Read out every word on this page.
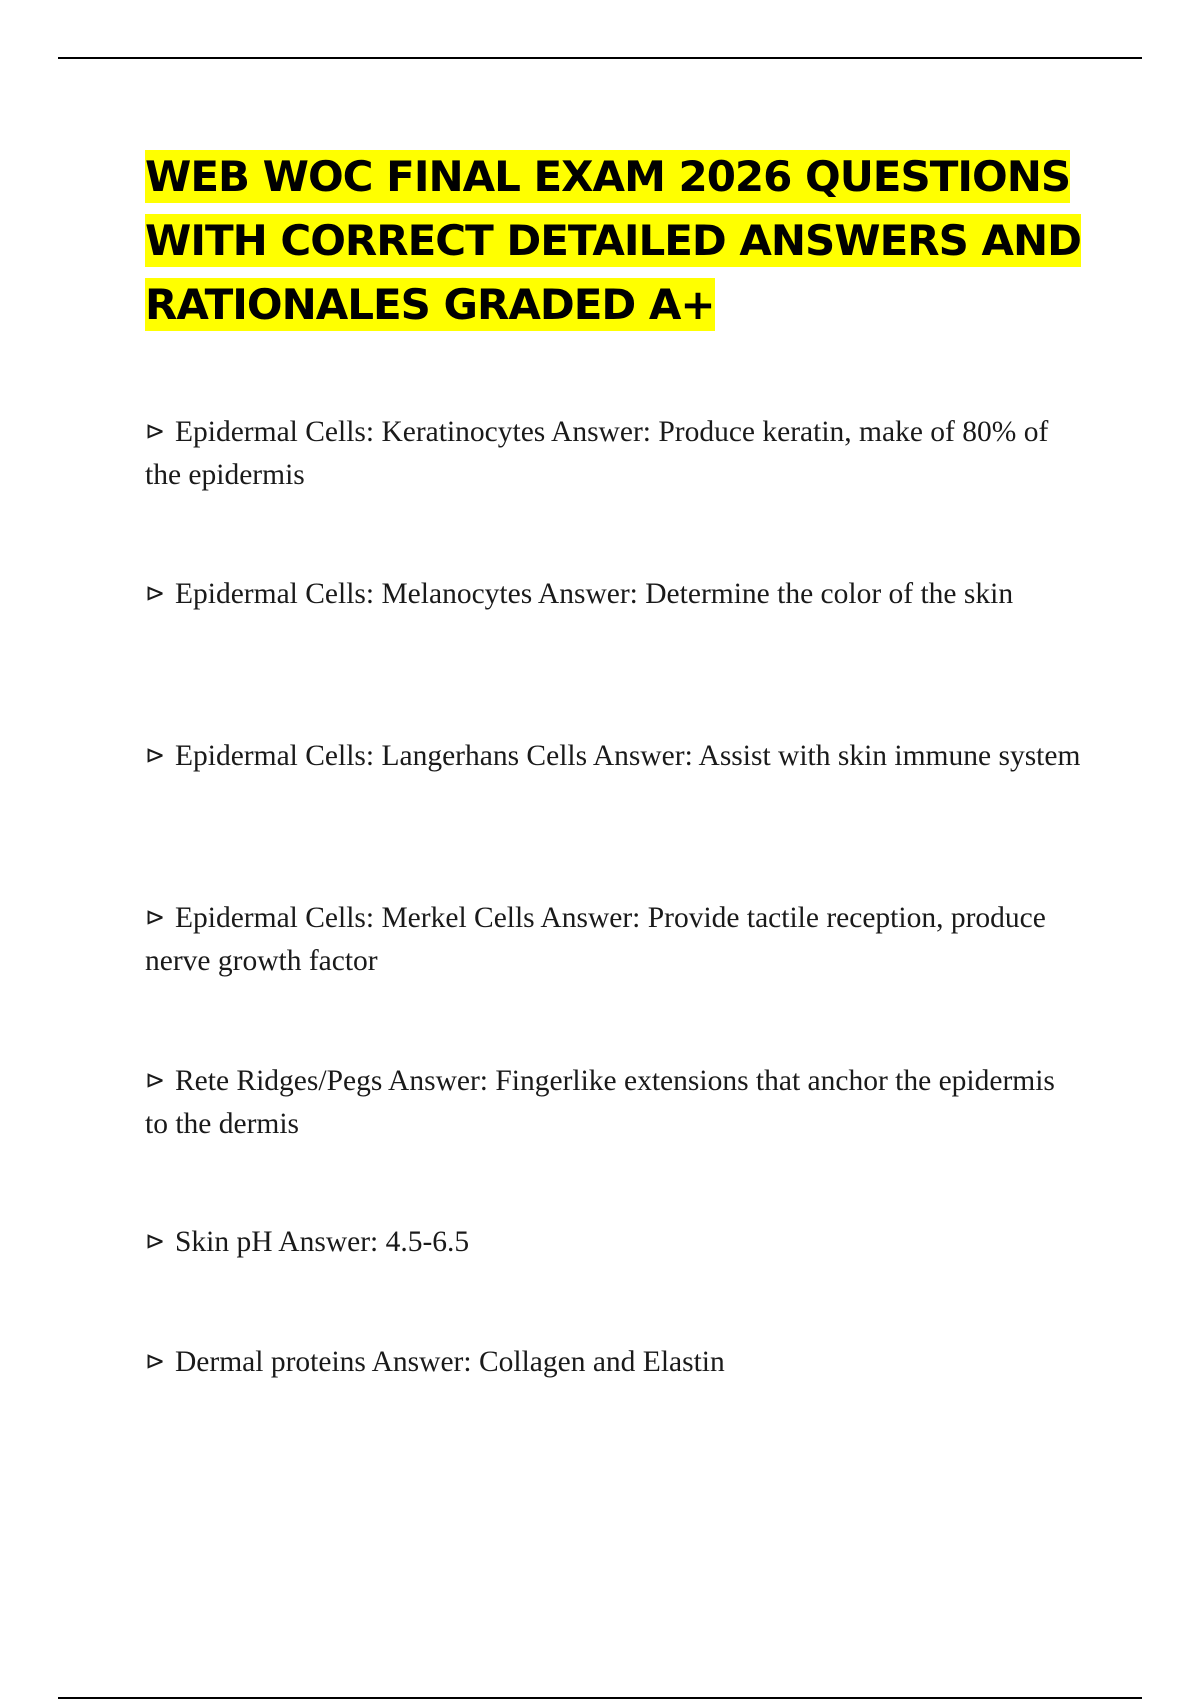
WEB WOC FINAL EXAM 2026 QUESTIONS WITH CORRECT DETAILED ANSWERS AND RATIONALES GRADED A+

⊳ Epidermal Cells: Keratinocytes Answer: Produce keratin, make of 80% of the epidermis

⊳ Epidermal Cells: Melanocytes Answer: Determine the color of the skin

⊳ Epidermal Cells: Langerhans Cells Answer: Assist with skin immune system

⊳ Epidermal Cells: Merkel Cells Answer: Provide tactile reception, produce nerve growth factor

⊳ Rete Ridges/Pegs Answer: Fingerlike extensions that anchor the epidermis to the dermis

⊳ Skin pH Answer: 4.5-6.5

⊳ Dermal proteins Answer: Collagen and Elastin
